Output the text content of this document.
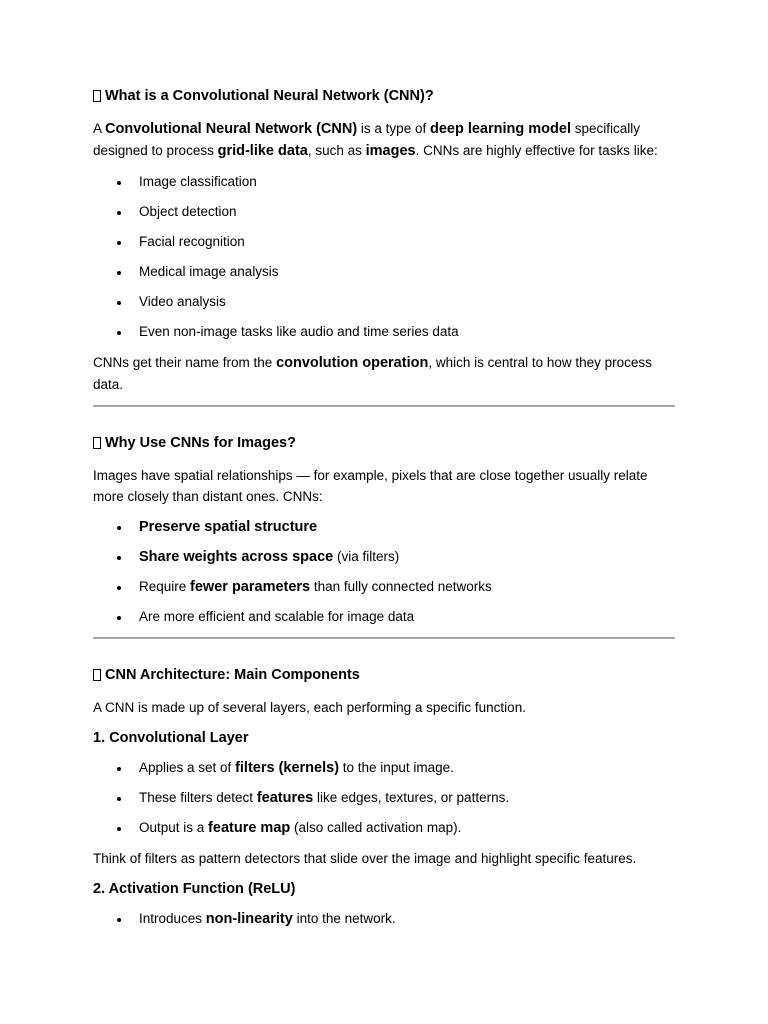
What is a Convolutional Neural Network (CNN)?

A Convolutional Neural Network (CNN) is a type of deep learning model specifically designed to process grid-like data, such as images. CNNs are highly effective for tasks like:

Image classification
Object detection
Facial recognition
Medical image analysis
Video analysis
Even non-image tasks like audio and time series data

CNNs get their name from the convolution operation, which is central to how they process data.

Why Use CNNs for Images?

Images have spatial relationships — for example, pixels that are close together usually relate more closely than distant ones. CNNs:

Preserve spatial structure
Share weights across space (via filters)
Require fewer parameters than fully connected networks
Are more efficient and scalable for image data
CNN Architecture: Main Components

A CNN is made up of several layers, each performing a specific function.

1. Convolutional Layer
Applies a set of filters (kernels) to the input image.
These filters detect features like edges, textures, or patterns.
Output is a feature map (also called activation map).

Think of filters as pattern detectors that slide over the image and highlight specific features.

2. Activation Function (ReLU)
Introduces non-linearity into the network.
